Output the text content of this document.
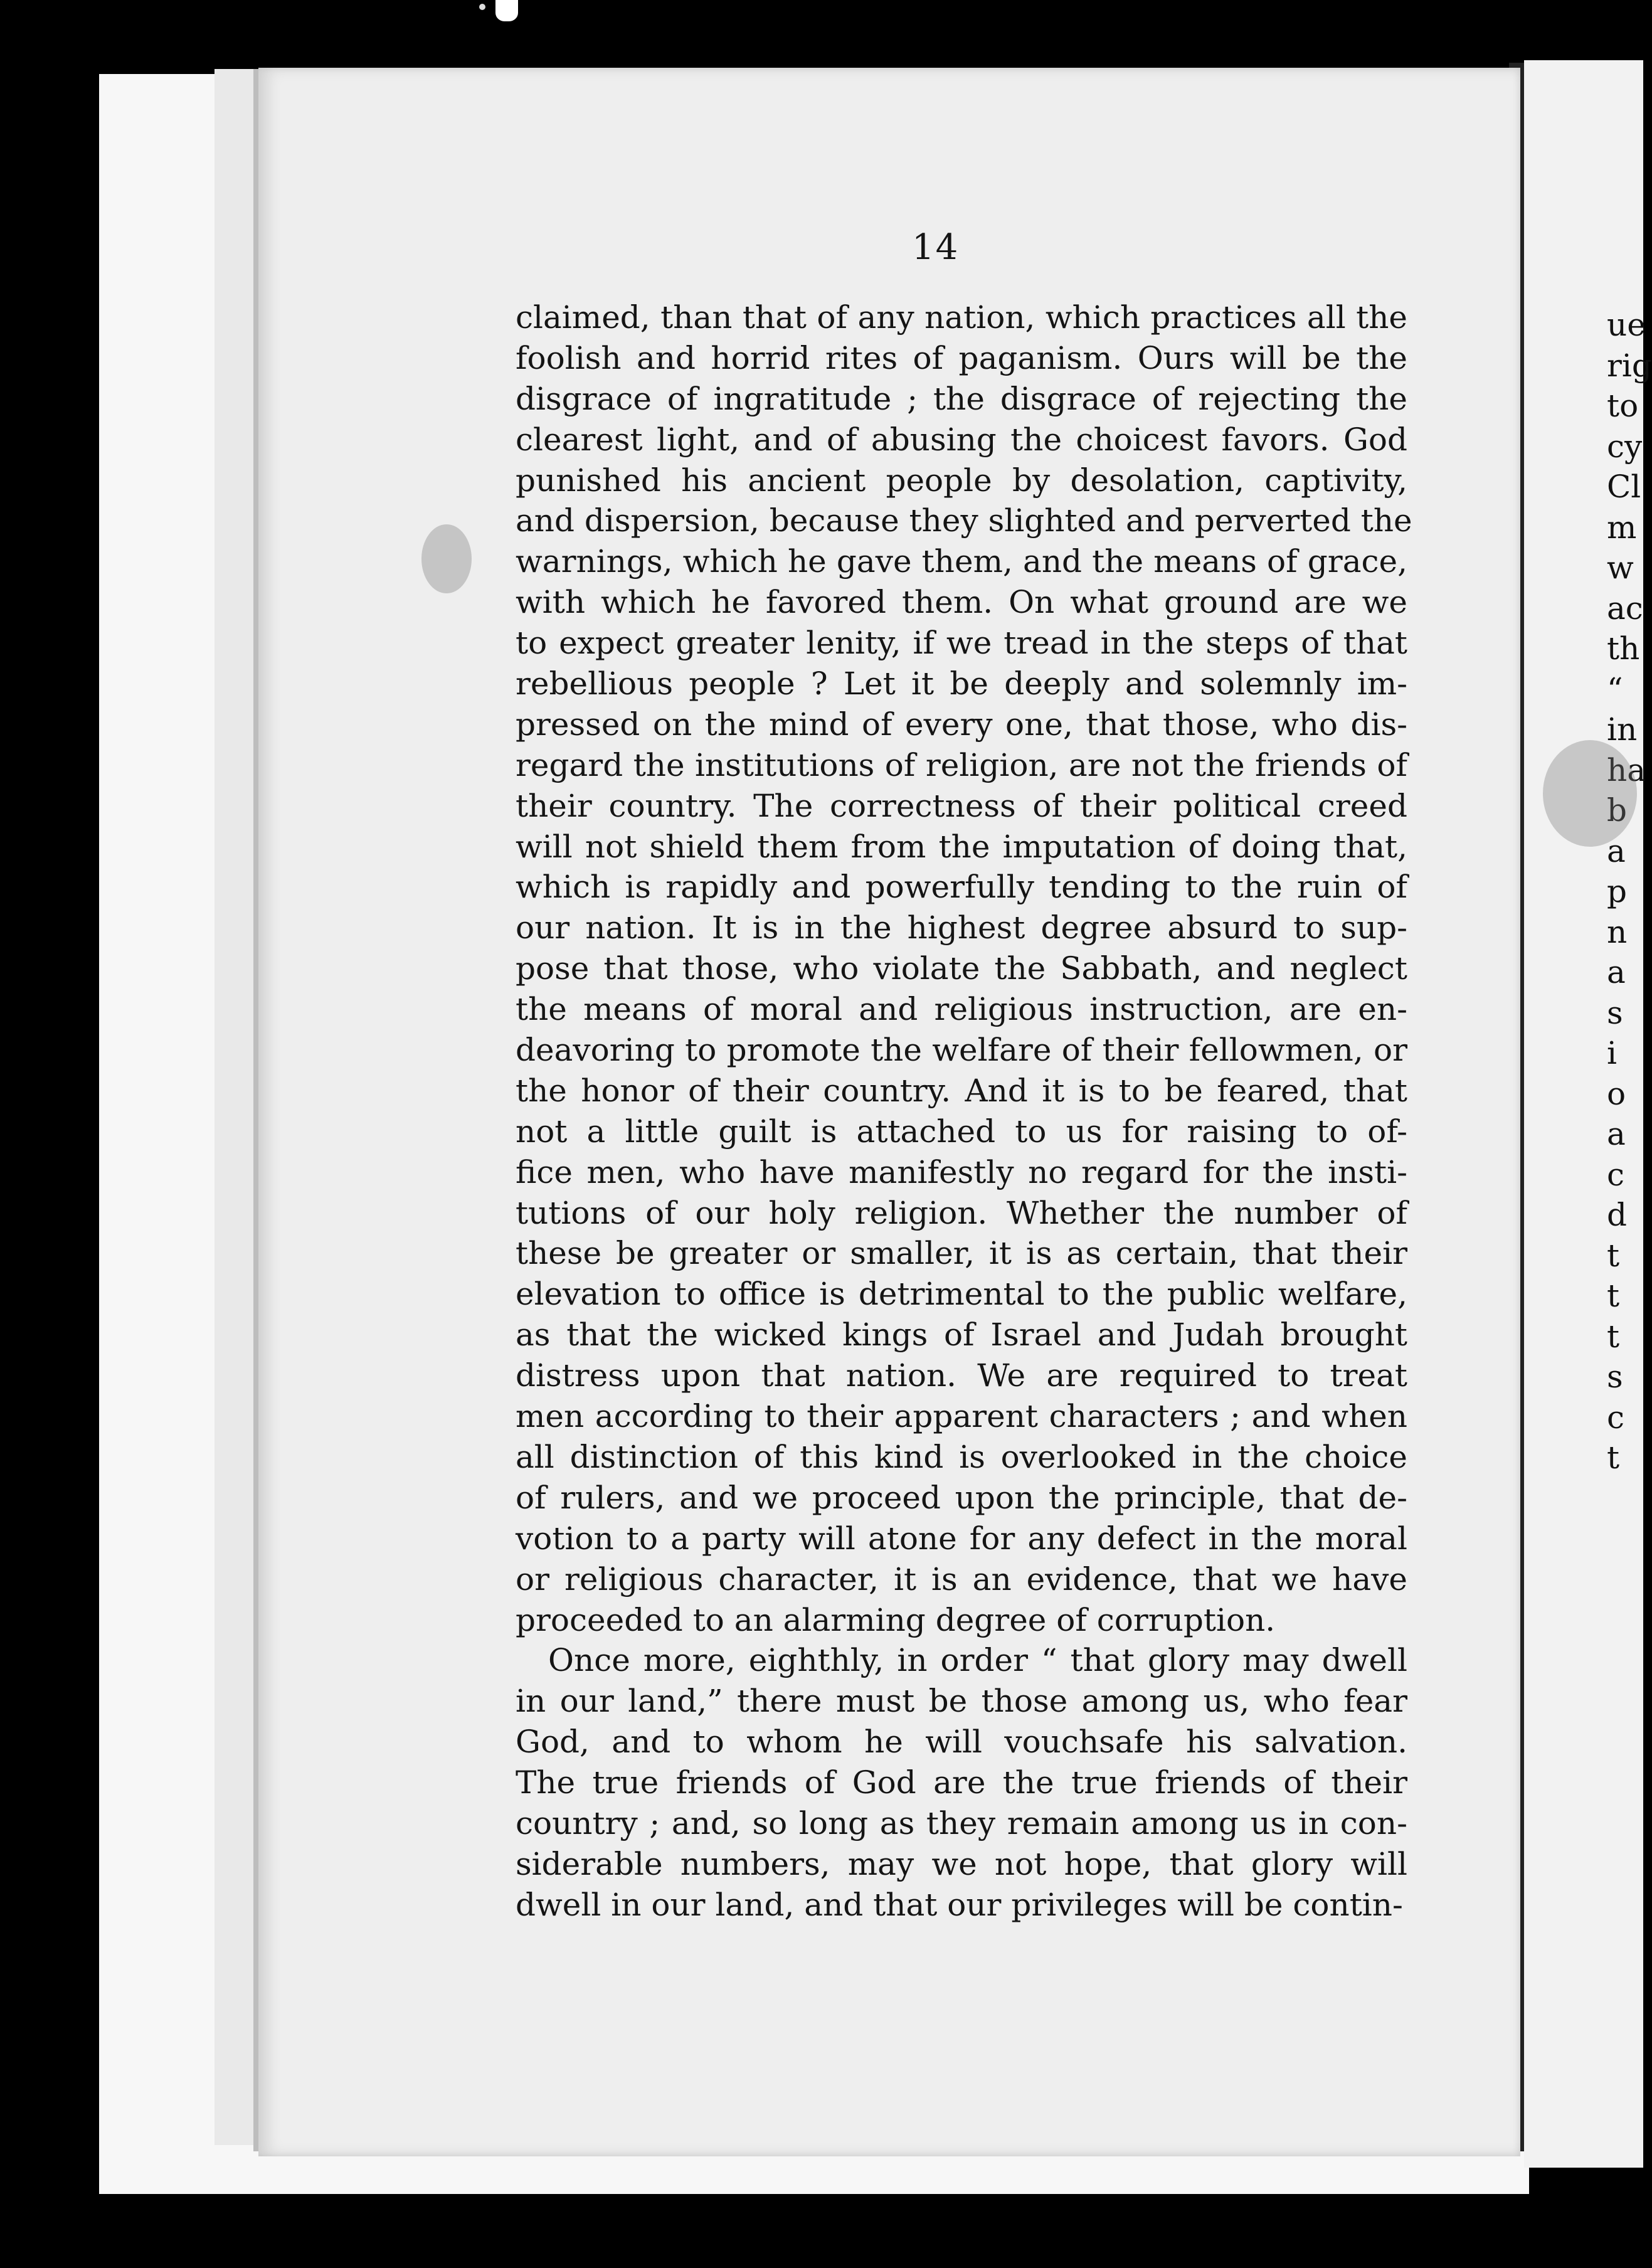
ue
rig
to
cy
Cl
m
w
ac
th
“
in
ha
b
a
p
n
a
s
i
o
a
c
d
t
t
t
s
c
t
14
claimed, than that of any nation, which practices all the
foolish and horrid rites of paganism. Ours will be the
disgrace of ingratitude ; the disgrace of rejecting the
clearest light, and of abusing the choicest favors. God
punished his ancient people by desolation, captivity,
and dispersion, because they slighted and perverted the
warnings, which he gave them, and the means of grace,
with which he favored them. On what ground are we
to expect greater lenity, if we tread in the steps of that
rebellious people ? Let it be deeply and solemnly im-
pressed on the mind of every one, that those, who dis-
regard the institutions of religion, are not the friends of
their country. The correctness of their political creed
will not shield them from the imputation of doing that,
which is rapidly and powerfully tending to the ruin of
our nation. It is in the highest degree absurd to sup-
pose that those, who violate the Sabbath, and neglect
the means of moral and religious instruction, are en-
deavoring to promote the welfare of their fellowmen, or
the honor of their country. And it is to be feared, that
not a little guilt is attached to us for raising to of-
fice men, who have manifestly no regard for the insti-
tutions of our holy religion. Whether the number of
these be greater or smaller, it is as certain, that their
elevation to office is detrimental to the public welfare,
as that the wicked kings of Israel and Judah brought
distress upon that nation. We are required to treat
men according to their apparent characters ; and when
all distinction of this kind is overlooked in the choice
of rulers, and we proceed upon the principle, that de-
votion to a party will atone for any defect in the moral
or religious character, it is an evidence, that we have
proceeded to an alarming degree of corruption.
Once more, eighthly, in order “ that glory may dwell
in our land,” there must be those among us, who fear
God, and to whom he will vouchsafe his salvation.
The true friends of God are the true friends of their
country ; and, so long as they remain among us in con-
siderable numbers, may we not hope, that glory will
dwell in our land, and that our privileges will be contin-
